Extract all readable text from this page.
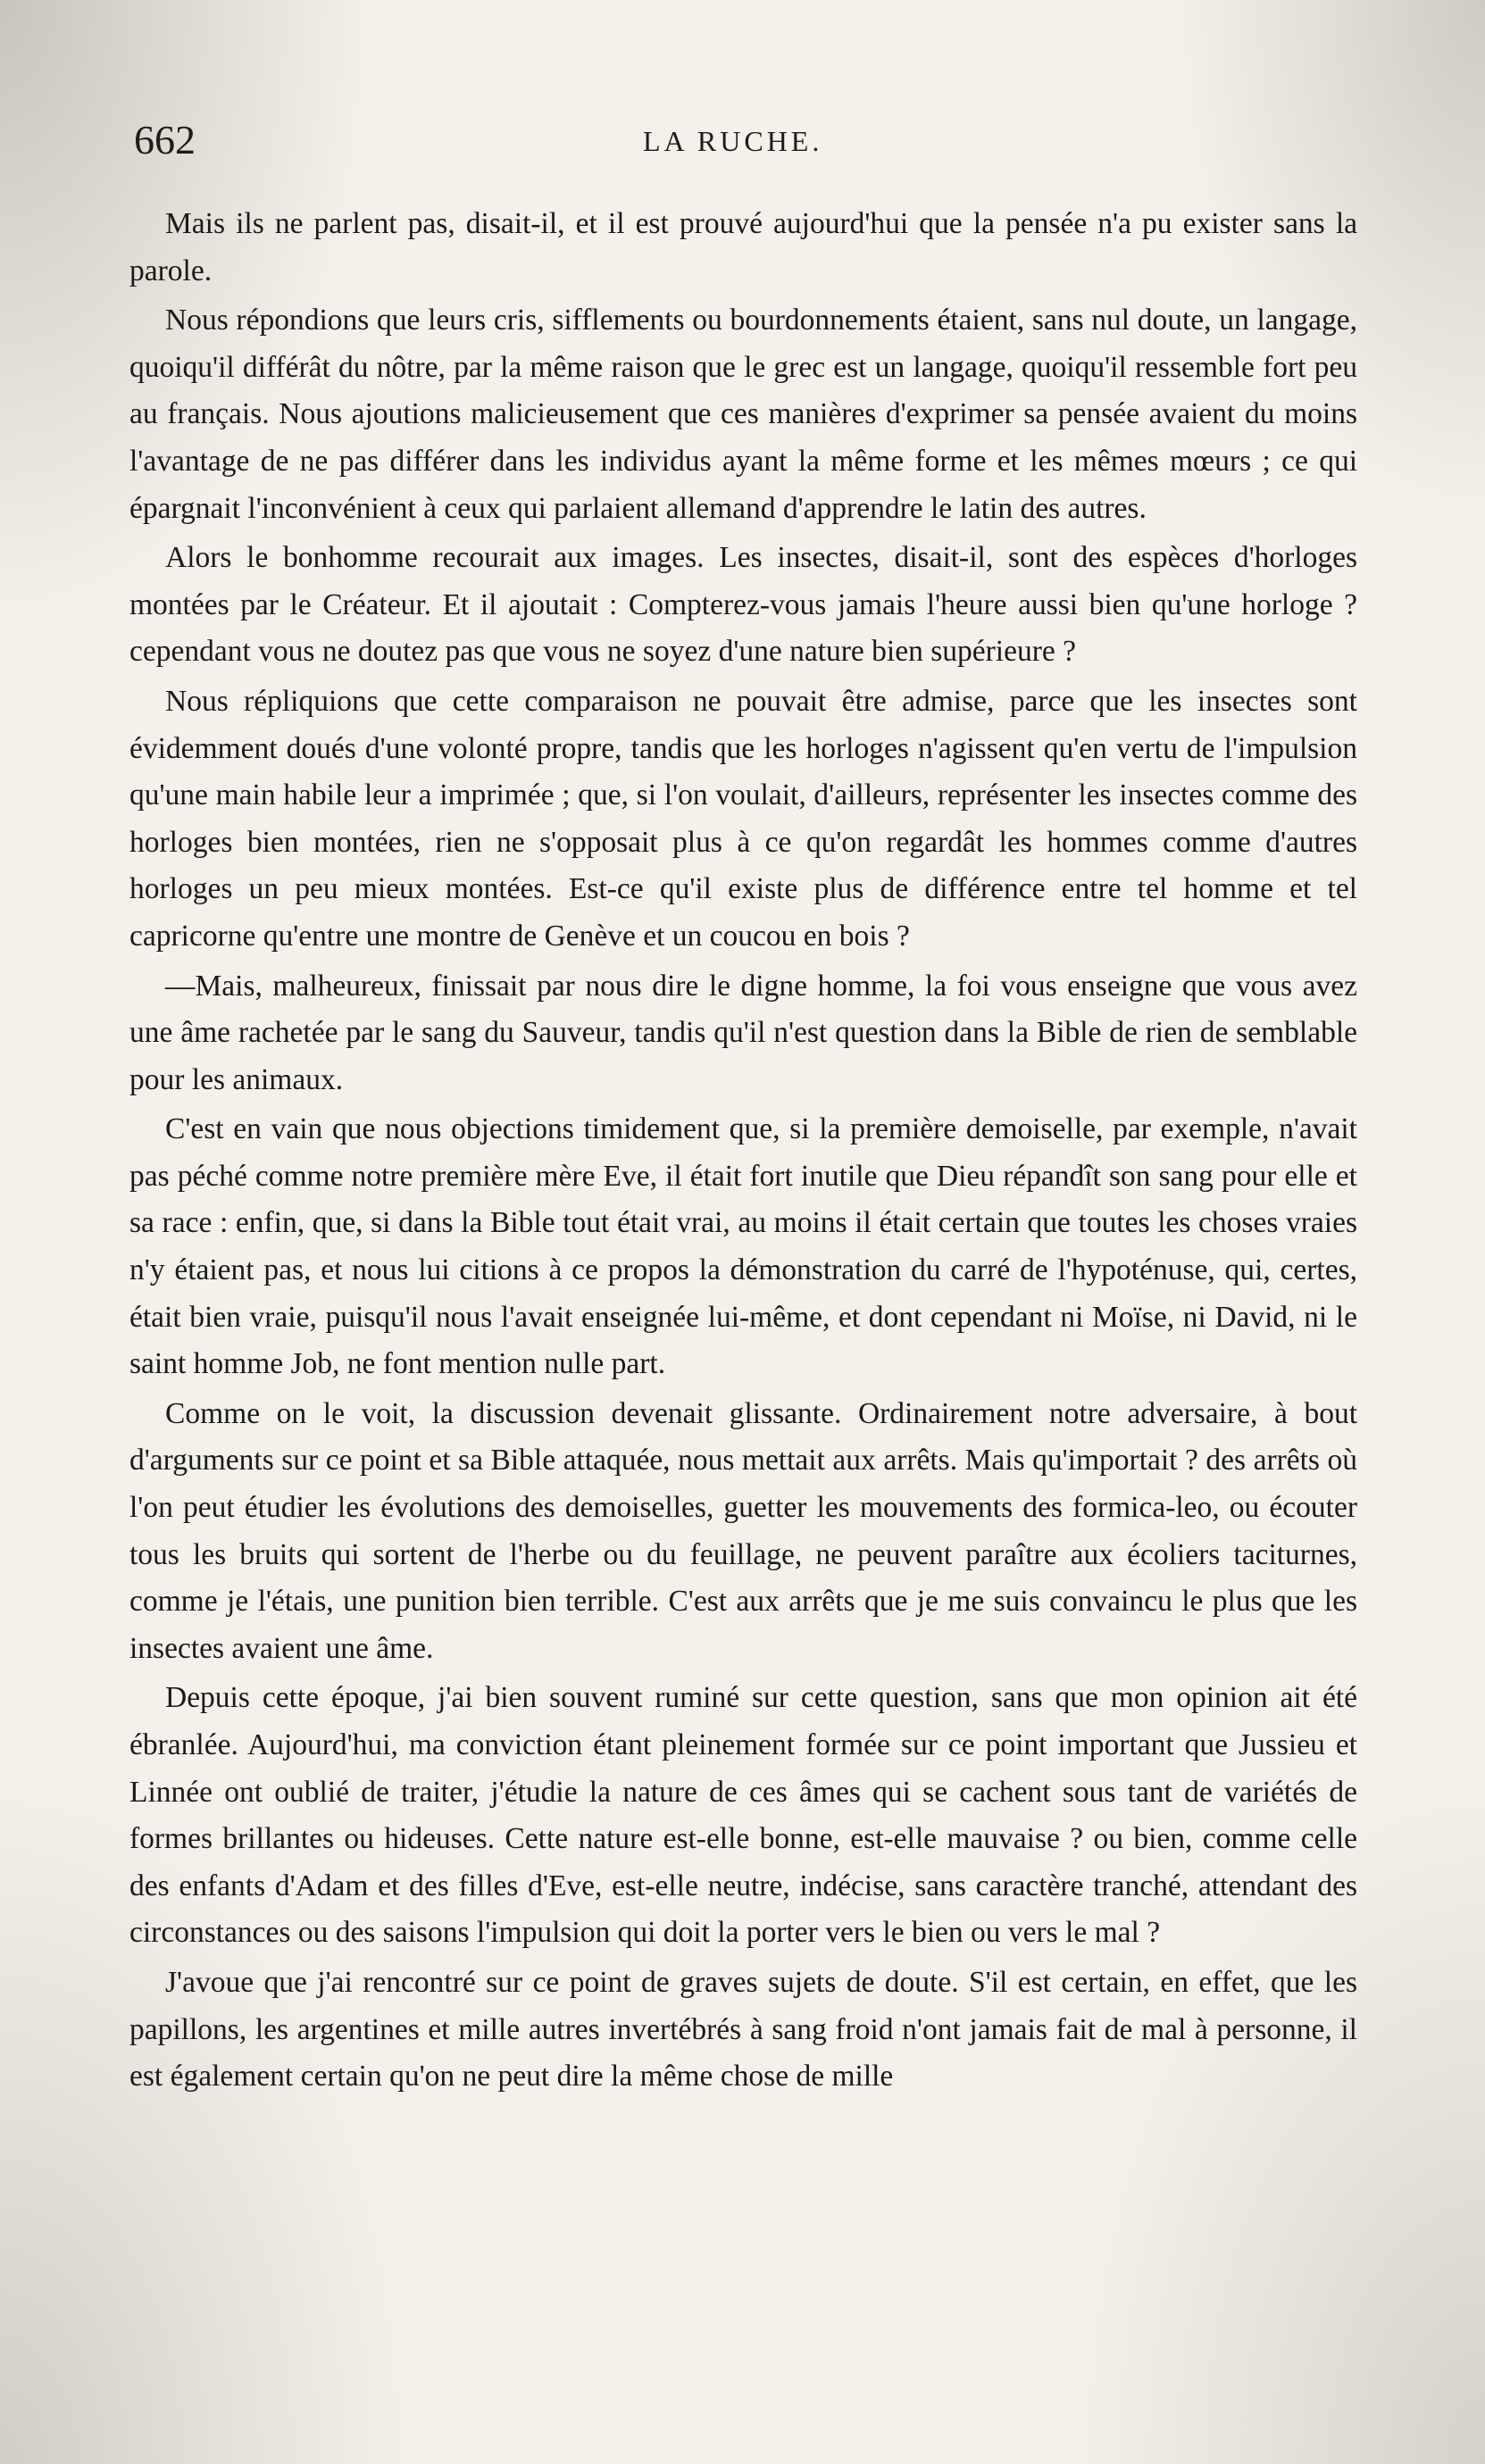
662	LA RUCHE.

Mais ils ne parlent pas, disait-il, et il est prouvé aujourd'hui que la pensée n'a pu exister sans la parole.

Nous répondions que leurs cris, sifflements ou bourdonnements étaient, sans nul doute, un langage, quoiqu'il différât du nôtre, par la même raison que le grec est un langage, quoiqu'il ressemble fort peu au français. Nous ajoutions malicieusement que ces manières d'exprimer sa pensée avaient du moins l'avantage de ne pas différer dans les individus ayant la même forme et les mêmes mœurs ; ce qui épargnait l'inconvénient à ceux qui parlaient allemand d'apprendre le latin des autres.

Alors le bonhomme recourait aux images. Les insectes, disait-il, sont des espèces d'horloges montées par le Créateur. Et il ajoutait : Compterez-vous jamais l'heure aussi bien qu'une horloge ? cependant vous ne doutez pas que vous ne soyez d'une nature bien supérieure ?

Nous répliquions que cette comparaison ne pouvait être admise, parce que les insectes sont évidemment doués d'une volonté propre, tandis que les horloges n'agissent qu'en vertu de l'impulsion qu'une main habile leur a imprimée ; que, si l'on voulait, d'ailleurs, représenter les insectes comme des horloges bien montées, rien ne s'opposait plus à ce qu'on regardât les hommes comme d'autres horloges un peu mieux montées. Est-ce qu'il existe plus de différence entre tel homme et tel capricorne qu'entre une montre de Genève et un coucou en bois ?

—Mais, malheureux, finissait par nous dire le digne homme, la foi vous enseigne que vous avez une âme rachetée par le sang du Sauveur, tandis qu'il n'est question dans la Bible de rien de semblable pour les animaux.

C'est en vain que nous objections timidement que, si la première demoiselle, par exemple, n'avait pas péché comme notre première mère Eve, il était fort inutile que Dieu répandît son sang pour elle et sa race : enfin, que, si dans la Bible tout était vrai, au moins il était certain que toutes les choses vraies n'y étaient pas, et nous lui citions à ce propos la démonstration du carré de l'hypoténuse, qui, certes, était bien vraie, puisqu'il nous l'avait enseignée lui-même, et dont cependant ni Moïse, ni David, ni le saint homme Job, ne font mention nulle part.

Comme on le voit, la discussion devenait glissante. Ordinairement notre adversaire, à bout d'arguments sur ce point et sa Bible attaquée, nous mettait aux arrêts. Mais qu'importait ? des arrêts où l'on peut étudier les évolutions des demoiselles, guetter les mouvements des formica-leo, ou écouter tous les bruits qui sortent de l'herbe ou du feuillage, ne peuvent paraître aux écoliers taciturnes, comme je l'étais, une punition bien terrible. C'est aux arrêts que je me suis convaincu le plus que les insectes avaient une âme.

Depuis cette époque, j'ai bien souvent ruminé sur cette question, sans que mon opinion ait été ébranlée. Aujourd'hui, ma conviction étant pleinement formée sur ce point important que Jussieu et Linnée ont oublié de traiter, j'étudie la nature de ces âmes qui se cachent sous tant de variétés de formes brillantes ou hideuses. Cette nature est-elle bonne, est-elle mauvaise ? ou bien, comme celle des enfants d'Adam et des filles d'Eve, est-elle neutre, indécise, sans caractère tranché, attendant des circonstances ou des saisons l'impulsion qui doit la porter vers le bien ou vers le mal ?

J'avoue que j'ai rencontré sur ce point de graves sujets de doute. S'il est certain, en effet, que les papillons, les argentines et mille autres invertébrés à sang froid n'ont jamais fait de mal à personne, il est également certain qu'on ne peut dire la même chose de mille
